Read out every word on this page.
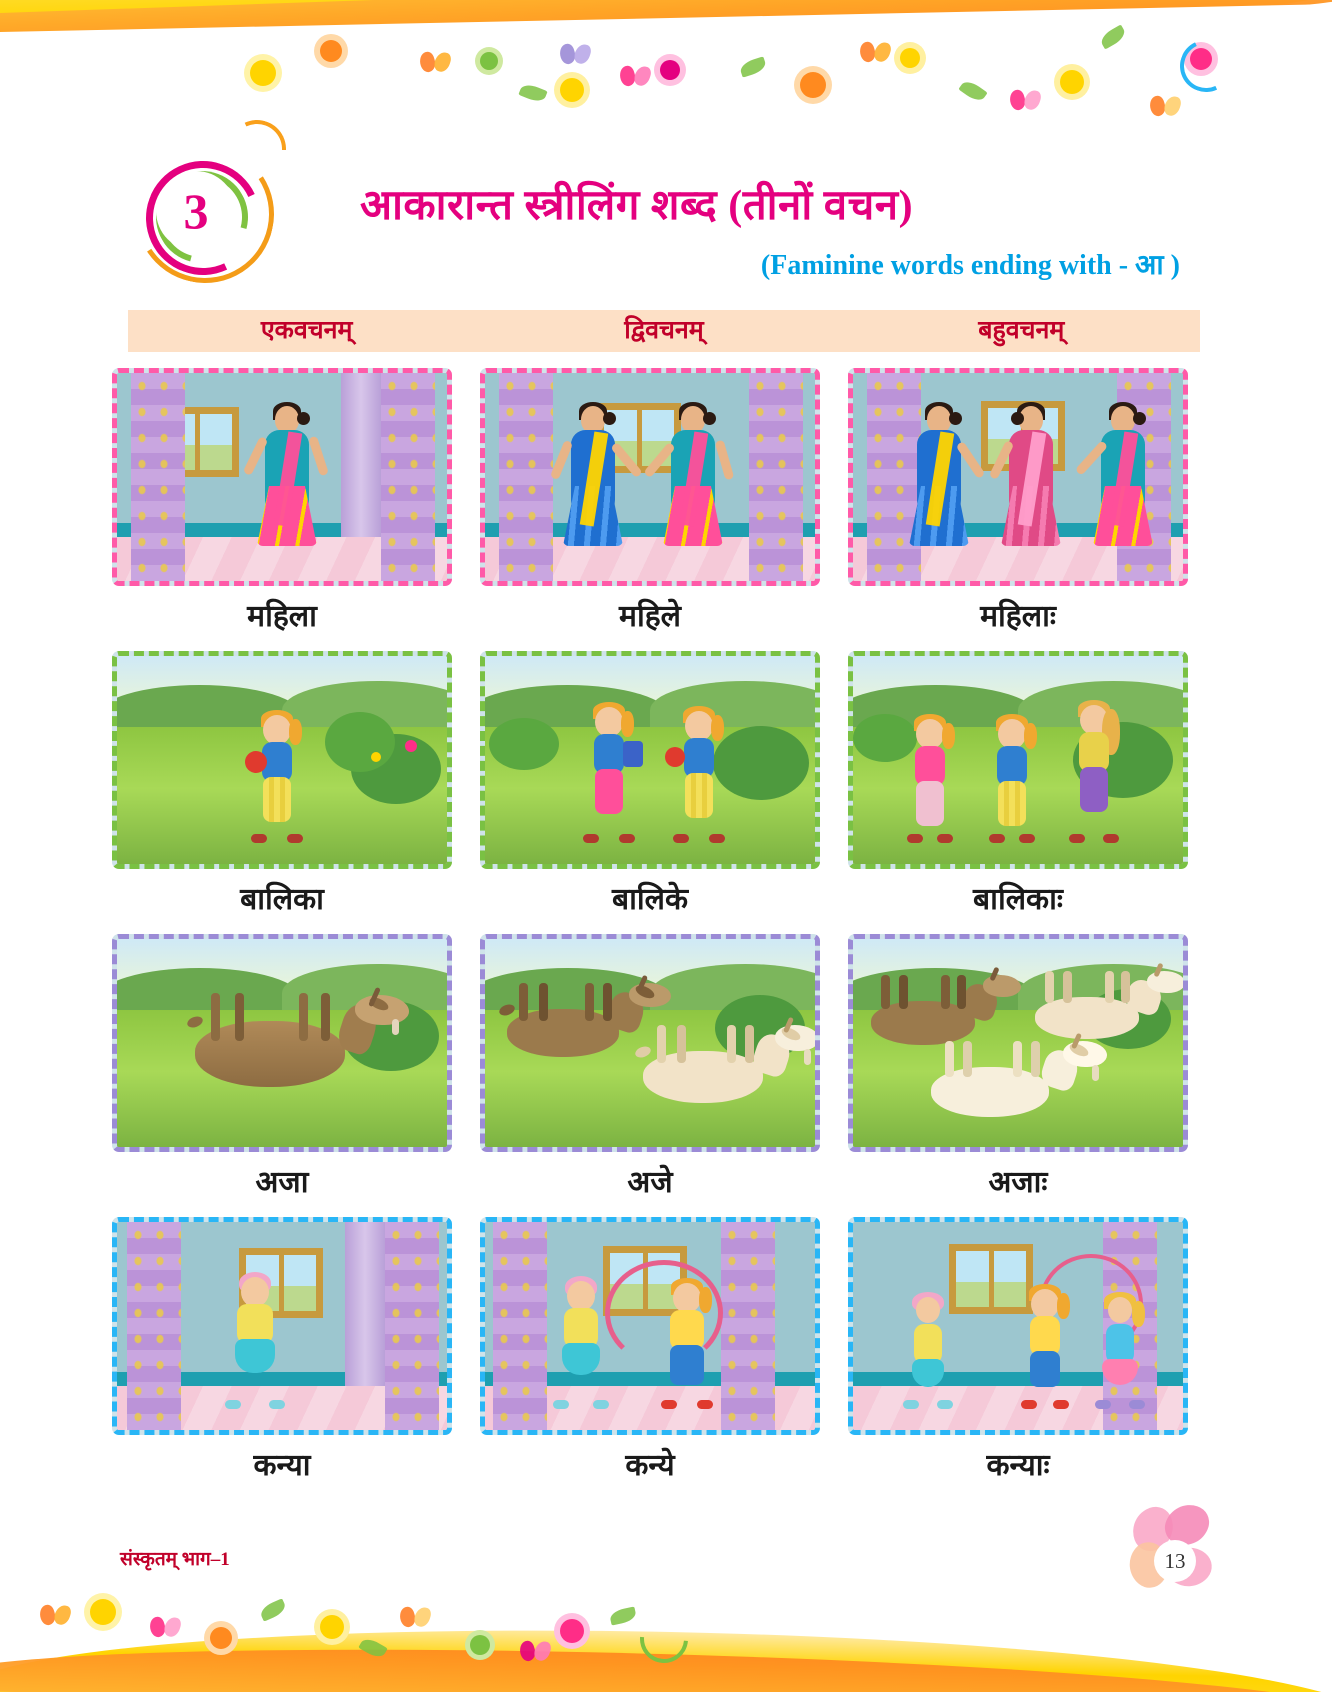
3	आकारान्त स्त्रीलिंग शब्द (तीनों वचन)
(Faminine words ending with - आ )
एकवचनम्	द्विवचनम्	बहुवचनम्
महिला	महिले	महिलाः
बालिका	बालिके	बालिकाः
अजा	अजे	अजाः
कन्या	कन्ये	कन्याः
संस्कृतम् भाग–1	13
